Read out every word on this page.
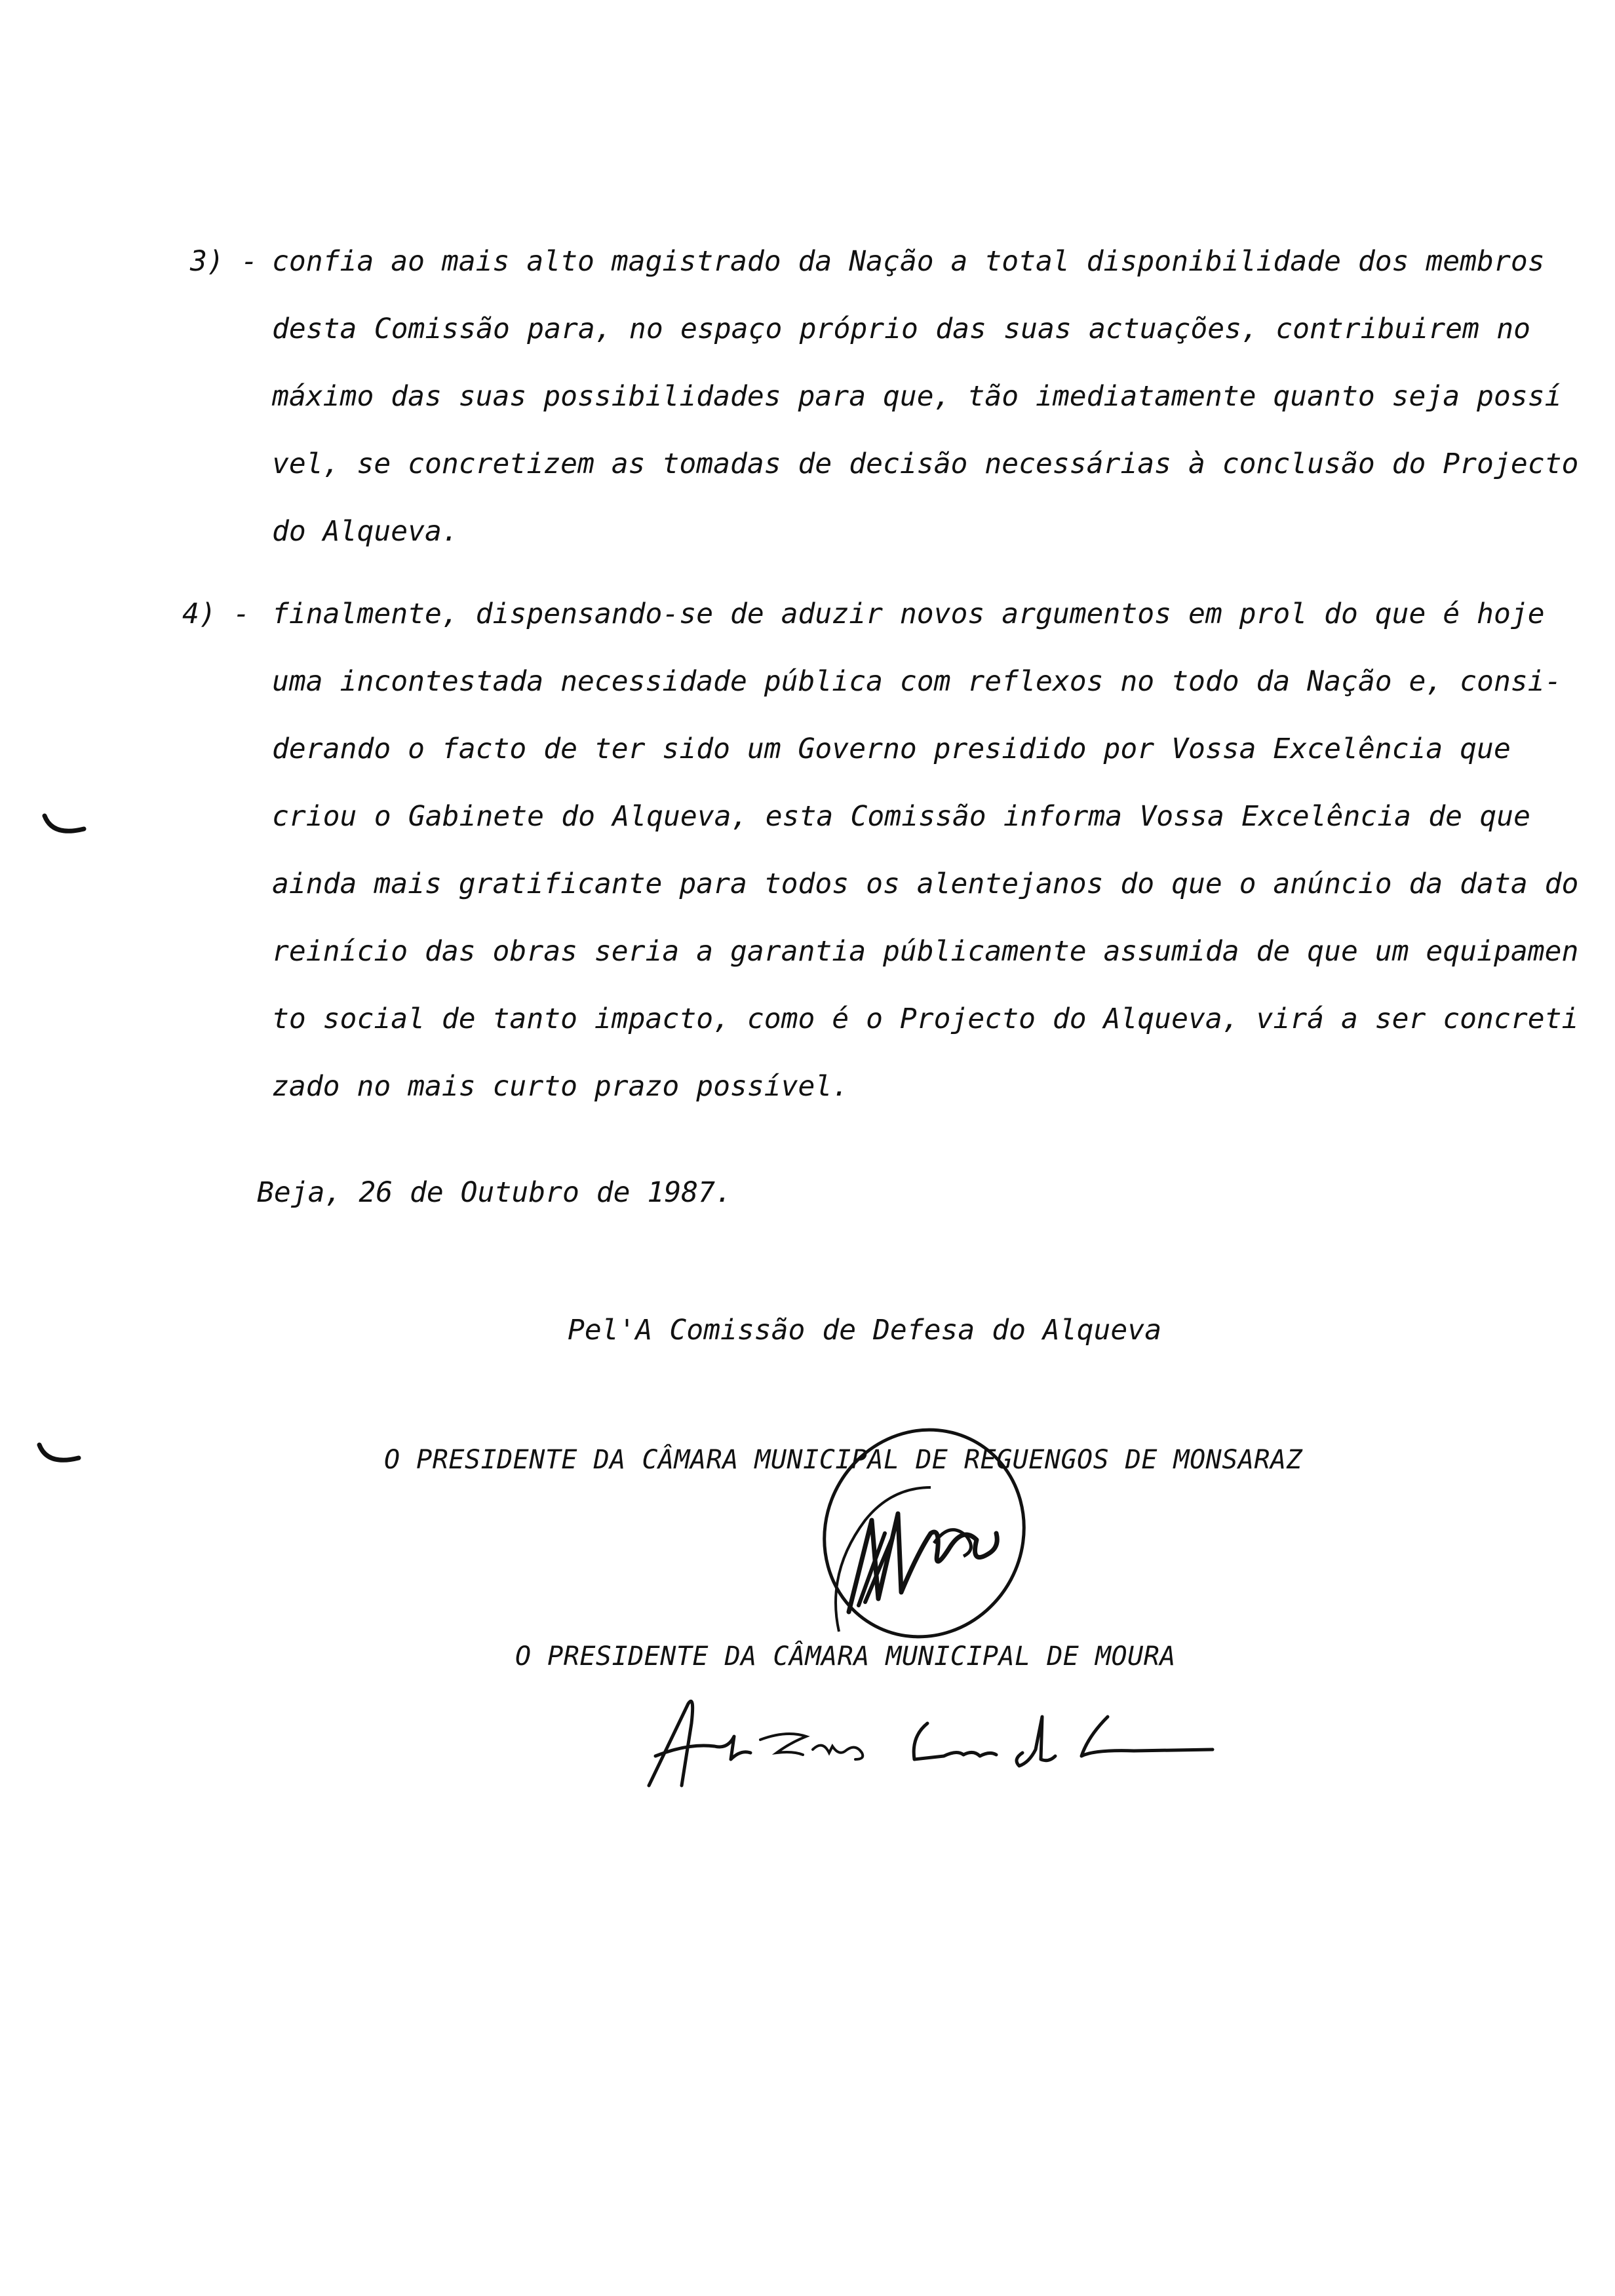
3) - confia ao mais alto magistrado da Nação a total disponibilidade dos membros
desta Comissão para, no espaço próprio das suas actuações, contribuirem no
máximo das suas possibilidades para que, tão imediatamente quanto seja possí
vel, se concretizem as tomadas de decisão necessárias à conclusão do Projecto
do Alqueva.
4) - finalmente, dispensando-se de aduzir novos argumentos em prol do que é hoje
uma incontestada necessidade pública com reflexos no todo da Nação e, consi-
derando o facto de ter sido um Governo presidido por Vossa Excelência que
criou o Gabinete do Alqueva, esta Comissão informa Vossa Excelência de que
ainda mais gratificante para todos os alentejanos do que o anúncio da data do
reinício das obras seria a garantia públicamente assumida de que um equipamen
to social de tanto impacto, como é o Projecto do Alqueva, virá a ser concreti
zado no mais curto prazo possível.
Beja, 26 de Outubro de 1987.
Pel'A Comissão de Defesa do Alqueva
O PRESIDENTE DA CÂMARA MUNICIPAL DE REGUENGOS DE MONSARAZ
O PRESIDENTE DA CÂMARA MUNICIPAL DE MOURA
